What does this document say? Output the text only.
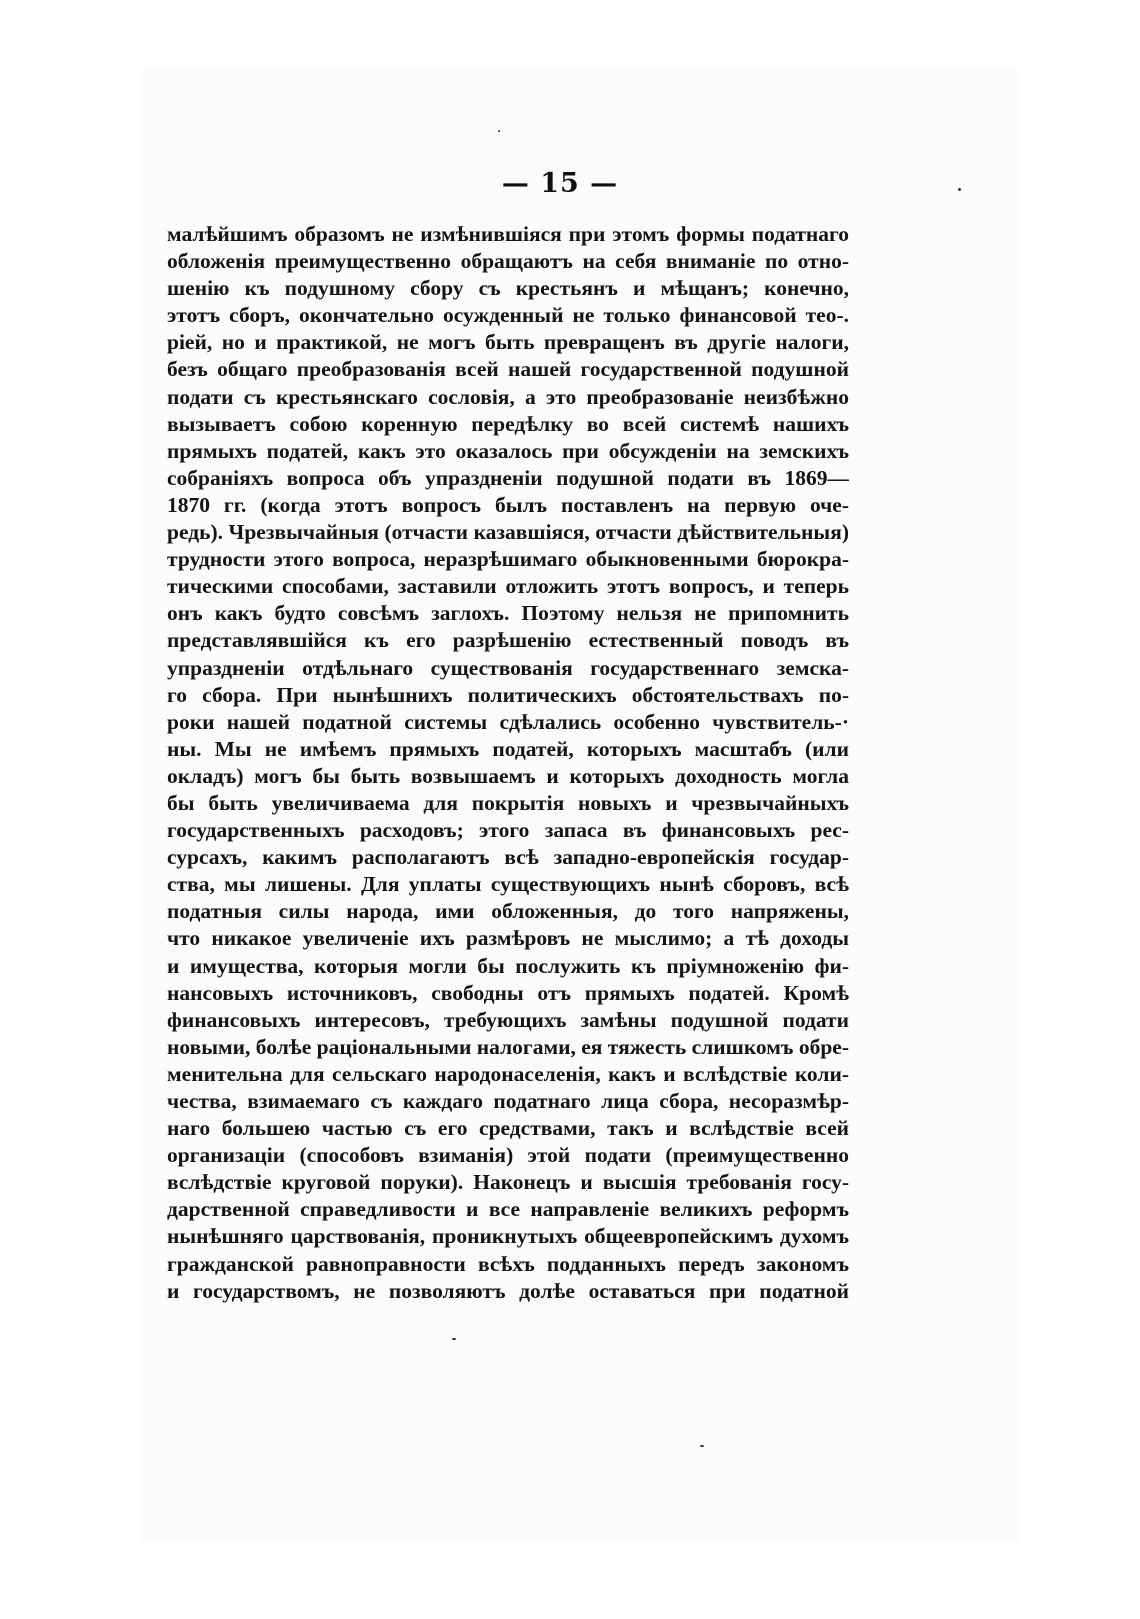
— 15 —
малѣйшимъ образомъ не измѣнившіяся при этомъ формы податнаго
обложенія преимущественно обращаютъ на себя вниманіе по отно-
шенію къ подушному сбору съ крестьянъ и мѣщанъ; конечно,
этотъ сборъ, окончательно осужденный не только финансовой тео-.
ріей, но и практикой, не могъ быть превращенъ въ другіе налоги,
безъ общаго преобразованія всей нашей государственной подушной
подати съ крестьянскаго сословія, а это преобразованіе неизбѣжно
вызываетъ собою коренную передѣлку во всей системѣ нашихъ
прямыхъ податей, какъ это оказалось при обсужденіи на земскихъ
собраніяхъ вопроса объ упраздненіи подушной подати въ 1869—
1870 гг. (когда этотъ вопросъ былъ поставленъ на первую оче-
редь). Чрезвычайныя (отчасти казавшіяся, отчасти дѣйствительныя)
трудности этого вопроса, неразрѣшимаго обыкновенными бюрокра-
тическими способами, заставили отложить этотъ вопросъ, и теперь
онъ какъ будто совсѣмъ заглохъ. Поэтому нельзя не припомнить
представлявшійся къ его разрѣшенію естественный поводъ въ
упраздненіи отдѣльнаго существованія государственнаго земска-
го сбора. При нынѣшнихъ политическихъ обстоятельствахъ по-
роки нашей податной системы сдѣлались особенно чувствитель-·
ны. Мы не имѣемъ прямыхъ податей, которыхъ масштабъ (или
окладъ) могъ бы быть возвышаемъ и которыхъ доходность могла
бы быть увеличиваема для покрытія новыхъ и чрезвычайныхъ
государственныхъ расходовъ; этого запаса въ финансовыхъ рес-
сурсахъ, какимъ располагаютъ всѣ западно-европейскія государ-
ства, мы лишены. Для уплаты существующихъ нынѣ сборовъ, всѣ
податныя силы народа, ими обложенныя, до того напряжены,
что никакое увеличеніе ихъ размѣровъ не мыслимо; а тѣ доходы
и имущества, которыя могли бы послужить къ пріумноженію фи-
нансовыхъ источниковъ, свободны отъ прямыхъ податей. Кромѣ
финансовыхъ интересовъ, требующихъ замѣны подушной подати
новыми, болѣе раціональными налогами, ея тяжесть слишкомъ обре-
менительна для сельскаго народонаселенія, какъ и вслѣдствіе коли-
чества, взимаемаго съ каждаго податнаго лица сбора, несоразмѣр-
наго большею частью съ его средствами, такъ и вслѣдствіе всей
организаціи (способовъ взиманія) этой подати (преимущественно
вслѣдствіе круговой поруки). Наконецъ и высшія требованія госу-
дарственной справедливости и все направленіе великихъ реформъ
нынѣшняго царствованія, проникнутыхъ общеевропейскимъ духомъ
гражданской равноправности всѣхъ подданныхъ передъ закономъ
и государствомъ, не позволяютъ долѣе оставаться при податной
